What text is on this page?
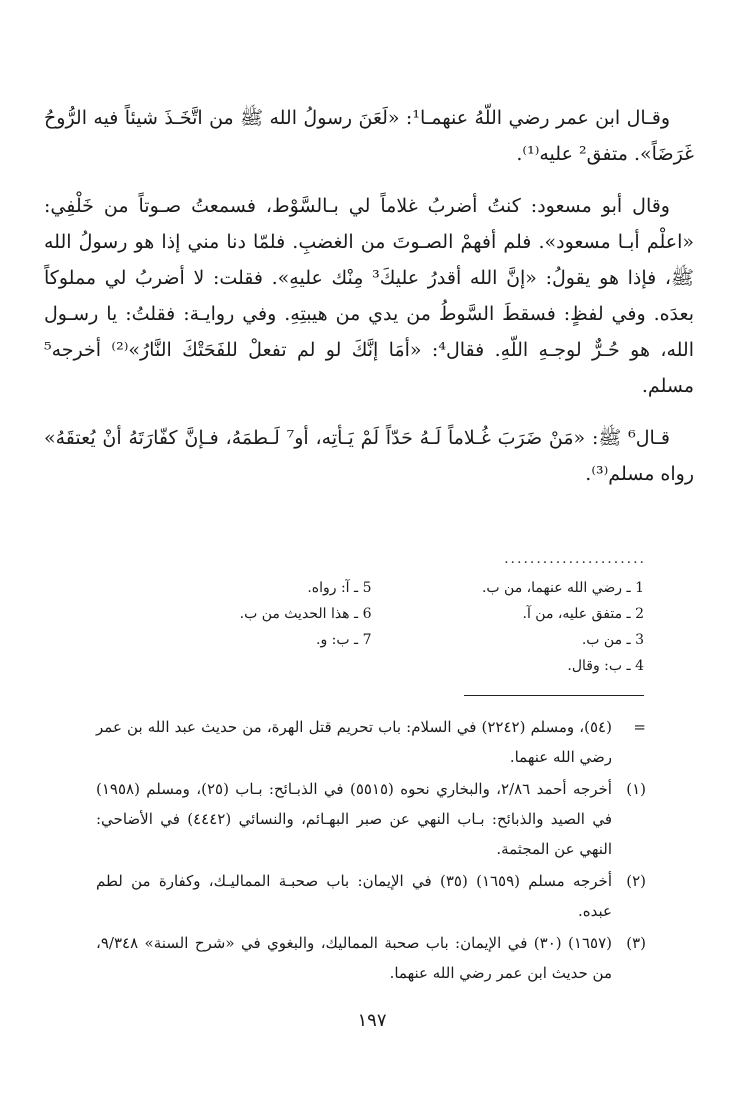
وقـال ابن عمر رضي اللّهُ عنهمـا¹: «لَعَنَ رسولُ الله ﷺ من اتَّخَـذَ شيئاً فيه الرُّوحُ غَرَضَاً». متفق² عليه⁽¹⁾.

وقال أبو مسعود: كنتُ أضربُ غلاماً لي بـالسَّوْط، فسمعتُ صـوتاً من خَلْفِي: «اعلْم أبـا مسعود». فلم أفهمْ الصـوتَ من الغضبِ. فلمّا دنا مني إذا هو رسولُ الله ﷺ، فإذا هو يقولُ: «إنَّ الله أقدرُ عليكَ³ مِنْك عليهِ». فقلت: لا أضربُ لي مملوكاً بعدَه. وفي لفظٍ: فسقطَ السَّوطُ من يدي من هيبتِهِ. وفي روايـة: فقلتُ: يا رسـول الله، هو حُـرٌّ لوجـهِ اللّهِ. فقال⁴: «أمَا إنَّكَ لو لم تفعلْ للفَحَتْكَ النَّارُ»⁽²⁾ أخرجه⁵ مسلم.

قـال⁶ ﷺ: «مَنْ ضَرَبَ غُـلاماً لَـهُ حَدّاً لَمْ يَـأتِه، أو⁷ لَـطمَهُ، فـإنَّ كفّارَتَهُ أنْ يُعتقَهُ» رواه مسلم⁽³⁾.

......................
1 ـ رضي الله عنهما، من ب.
2 ـ متفق عليه، من آ.
3 ـ من ب.
4 ـ ب: وقال.
5 ـ آ: رواه.
6 ـ هذا الحديث من ب.
7 ـ ب: و.

=
(٥٤)، ومسلم (٢٢٤٢) في السلام: باب تحريم قتل الهرة، من حديث عبد الله بن عمر رضي الله عنهما.

(١)
أخرجه أحمد ٢/٨٦، والبخاري نحوه (٥٥١٥) في الذبـائح: بـاب (٢٥)، ومسلم (١٩٥٨) في الصيد والذبائح: بـاب النهي عن صبر البهـائم، والنسائي (٤٤٤٢) في الأضاحي: النهي عن المجثمة.

(٢)
أخرجه مسلم (١٦٥٩) (٣٥) في الإيمان: باب صحبـة المماليـك، وكفارة من لطم عبده.

(٣)
(١٦٥٧) (٣٠) في الإيمان: باب صحبة المماليك، والبغوي في «شرح السنة» ٩/٣٤٨، من حديث ابن عمر رضي الله عنهما.

١٩٧
